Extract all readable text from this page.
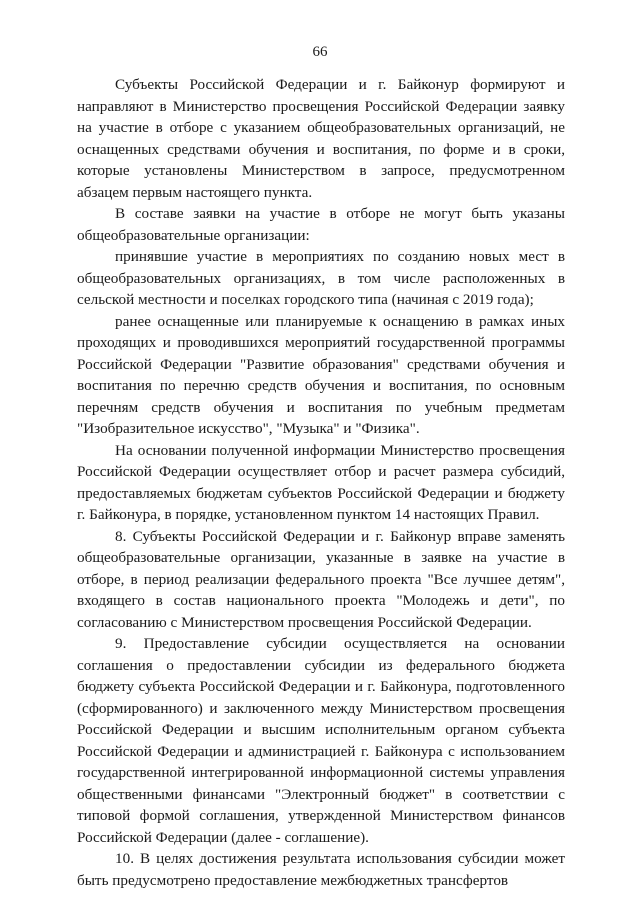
66

Субъекты Российской Федерации и г. Байконур формируют и направляют в Министерство просвещения Российской Федерации заявку на участие в отборе с указанием общеобразовательных организаций, не оснащенных средствами обучения и воспитания, по форме и в сроки, которые установлены Министерством в запросе, предусмотренном абзацем первым настоящего пункта.

В составе заявки на участие в отборе не могут быть указаны общеобразовательные организации:

принявшие участие в мероприятиях по созданию новых мест в общеобразовательных организациях, в том числе расположенных в сельской местности и поселках городского типа (начиная с 2019 года);

ранее оснащенные или планируемые к оснащению в рамках иных проходящих и проводившихся мероприятий государственной программы Российской Федерации "Развитие образования" средствами обучения и воспитания по перечню средств обучения и воспитания, по основным перечням средств обучения и воспитания по учебным предметам "Изобразительное искусство", "Музыка" и "Физика".

На основании полученной информации Министерство просвещения Российской Федерации осуществляет отбор и расчет размера субсидий, предоставляемых бюджетам субъектов Российской Федерации и бюджету г. Байконура, в порядке, установленном пунктом 14 настоящих Правил.

8. Субъекты Российской Федерации и г. Байконур вправе заменять общеобразовательные организации, указанные в заявке на участие в отборе, в период реализации федерального проекта "Все лучшее детям", входящего в состав национального проекта "Молодежь и дети", по согласованию с Министерством просвещения Российской Федерации.

9. Предоставление субсидии осуществляется на основании соглашения о предоставлении субсидии из федерального бюджета бюджету субъекта Российской Федерации и г. Байконура, подготовленного (сформированного) и заключенного между Министерством просвещения Российской Федерации и высшим исполнительным органом субъекта Российской Федерации и администрацией г. Байконура с использованием государственной интегрированной информационной системы управления общественными финансами "Электронный бюджет" в соответствии с типовой формой соглашения, утвержденной Министерством финансов Российской Федерации (далее - соглашение).

10. В целях достижения результата использования субсидии может быть предусмотрено предоставление межбюджетных трансфертов
